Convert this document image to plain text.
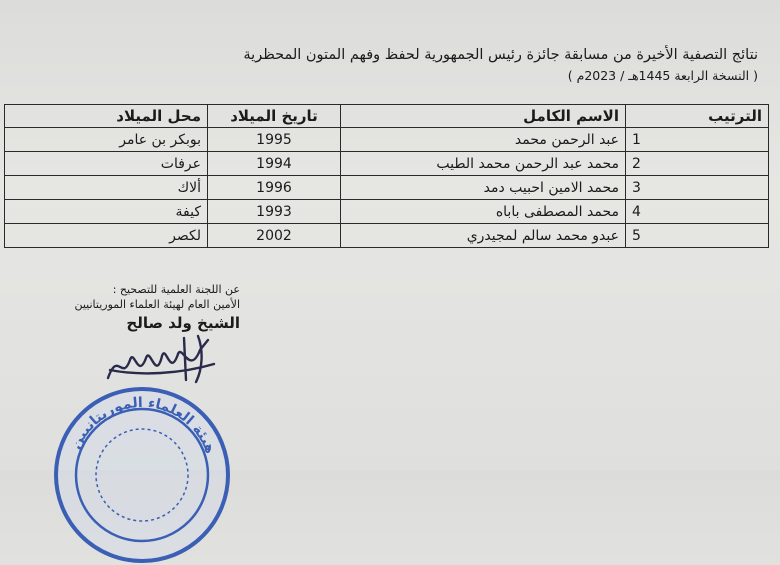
نتائج التصفية الأخيرة من مسابقة جائزة رئيس الجمهورية لحفظ وفهم المتون المحظرية
( النسخة الرابعة 1445هـ / 2023م )
الترتيب	الاسم الكامل	تاريخ الميلاد	محل الميلاد
1	عبد الرحمن محمد	1995	بوبكر بن عامر
2	محمد عبد الرحمن محمد الطيب	1994	عرفات
3	محمد الامين احبيب دمد	1996	ألاك
4	محمد المصطفى باباه	1993	كيفة
5	عبدو محمد سالم لمجيدري	2002	لكصر
عن اللجنة العلمية للتصحيح :
الأمين العام لهيئة العلماء الموريتانيين
الشيخ ولد صالح
هيئة العلماء الموريتانيين
